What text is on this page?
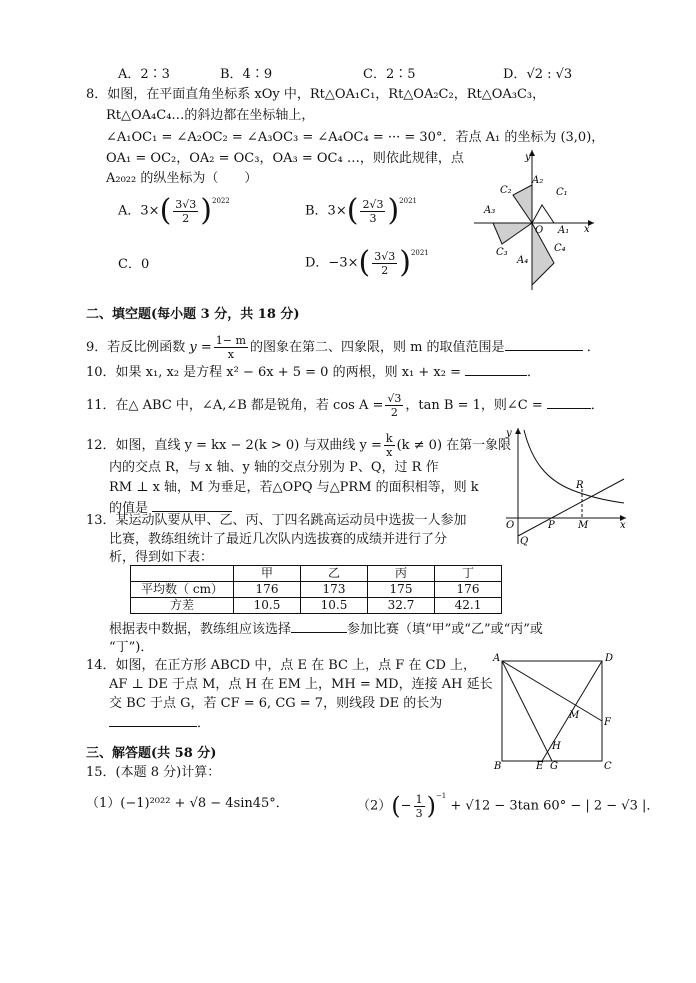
A．2∶3	B．4∶9	C．2∶5	D．√2 : √3
8．如图，在平面直角坐标系 xOy 中，Rt△OA₁C₁，Rt△OA₂C₂，Rt△OA₃C₃，
Rt△OA₄C₄…的斜边都在坐标轴上，
∠A₁OC₁ = ∠A₂OC₂ = ∠A₃OC₃ = ∠A₄OC₄ = ··· = 30°．若点 A₁ 的坐标为 (3,0)，
OA₁ = OC₂，OA₂ = OC₃，OA₃ = OC₄ …，则依此规律，点
A₂₀₂₂ 的纵坐标为（　　）
A．$3\times( \frac{3√3}{2} )^{2022}$
B．$3\times( \frac{2√3}{3} )^{2021}$
C．0	D．$-3\times( \frac{3√3}{2} )^{2021}$
y
x
O A₁
C₁
A₂
C₂
A₃
C₃
A₄
C₄
二、填空题(每小题 3 分，共 18 分)
9．若反比例函数 $y = \frac{1- m}{x}$ 的图象在第二、四象限，则 m 的取值范围是	．
10．如果 x₁, x₂ 是方程 x² − 6x + 5 = 0 的两根，则 x₁ + x₂ =	．
11．在△ ABC 中，∠A,∠B 都是锐角，若 $\cos A = \frac{√3}{2}$ ，tan B = 1，则∠C =	．
12．如图，直线 y = kx − 2(k > 0) 与双曲线 $y = \frac{k}{x} (k \ne 0)$ 在第一象限
内的交点 R，与 x 轴、y 轴的交点分别为 P、Q，过 R 作
RM ⊥ x 轴，M 为垂足，若△OPQ 与△PRM 的面积相等，则 k
的值是
y
x
O	P
Q
R
M
13．某运动队要从甲、乙、丙、丁四名跳高运动员中选拔一人参加
比赛，教练组统计了最近几次队内选拔赛的成绩并进行了分
析，得到如下表：
	甲	乙	丙	丁
平均数（ cm）	176	173	175	176
方差	10.5	10.5	32.7	42.1
根据表中数据，教练组应该选择	参加比赛（填“甲”或“乙”或“丙”或
“丁”)．
14．如图，在正方形 ABCD 中，点 E 在 BC 上，点 F 在 CD 上，
AF ⊥ DE 于点 M，点 H 在 EM 上，MH = MD，连接 AH 延长
交 BC 于点 G，若 CF = 6, CG = 7，则线段 DE 的长为
．
A	D
B	C
E G
F
M
H
三、解答题(共 58 分)
15．(本题 8 分)计算：
（1）(−1)²⁰²² + √8 − 4sin45°．	$(2)(- \frac{1}{3} )^{-1} + √12 - 3\tan$ 60° − | 2 − √3 |．
